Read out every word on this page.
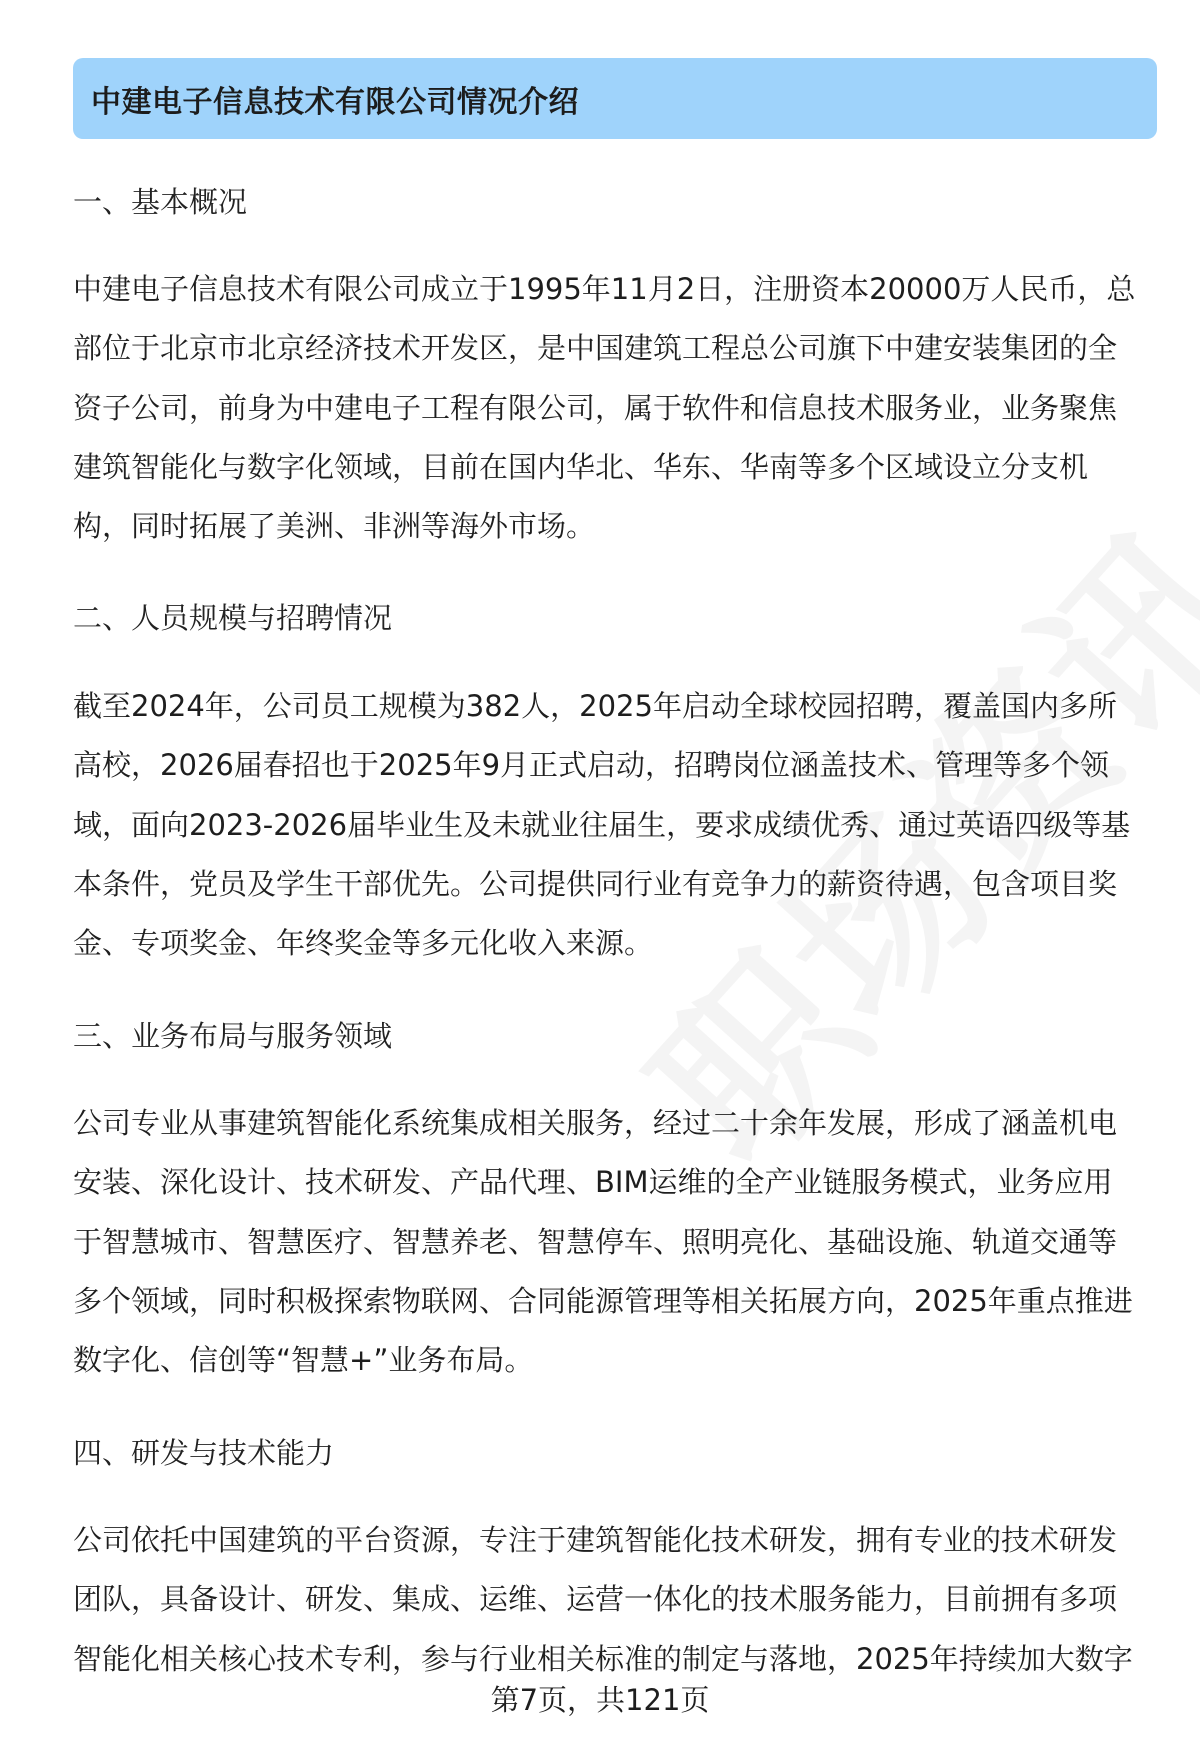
中建电子信息技术有限公司情况介绍
一、基本概况
中建电子信息技术有限公司成立于1995年11月2日，注册资本20000万人民币，总
部位于北京市北京经济技术开发区，是中国建筑工程总公司旗下中建安装集团的全
资子公司，前身为中建电子工程有限公司，属于软件和信息技术服务业，业务聚焦
建筑智能化与数字化领域，目前在国内华北、华东、华南等多个区域设立分支机
构，同时拓展了美洲、非洲等海外市场。
二、人员规模与招聘情况
截至2024年，公司员工规模为382人，2025年启动全球校园招聘，覆盖国内多所
高校，2026届春招也于2025年9月正式启动，招聘岗位涵盖技术、管理等多个领
域，面向2023-2026届毕业生及未就业往届生，要求成绩优秀、通过英语四级等基
本条件，党员及学生干部优先。公司提供同行业有竞争力的薪资待遇，包含项目奖
金、专项奖金、年终奖金等多元化收入来源。
三、业务布局与服务领域
公司专业从事建筑智能化系统集成相关服务，经过二十余年发展，形成了涵盖机电
安装、深化设计、技术研发、产品代理、BIM运维的全产业链服务模式，业务应用
于智慧城市、智慧医疗、智慧养老、智慧停车、照明亮化、基础设施、轨道交通等
多个领域，同时积极探索物联网、合同能源管理等相关拓展方向，2025年重点推进
数字化、信创等“智慧+”业务布局。
四、研发与技术能力
公司依托中国建筑的平台资源，专注于建筑智能化技术研发，拥有专业的技术研发
团队，具备设计、研发、集成、运维、运营一体化的技术服务能力，目前拥有多项
智能化相关核心技术专利，参与行业相关标准的制定与落地，2025年持续加大数字
第7页，共121页
